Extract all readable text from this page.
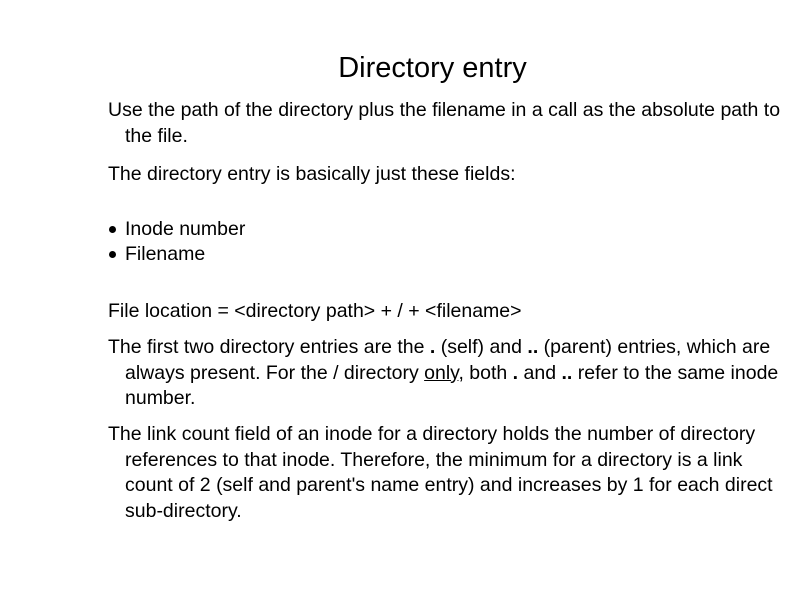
Directory entry

Use the path of the directory plus the filename in a call as the absolute path to the file.

The directory entry is basically just these fields:

Inode number
Filename

File location = <directory path> + / + <filename>

The first two directory entries are the . (self) and .. (parent) entries, which are always present. For the / directory only, both . and .. refer to the same inode number.

The link count field of an inode for a directory holds the number of directory references to that inode. Therefore, the minimum for a directory is a link count of 2 (self and parent's name entry) and increases by 1 for each direct sub-directory.
